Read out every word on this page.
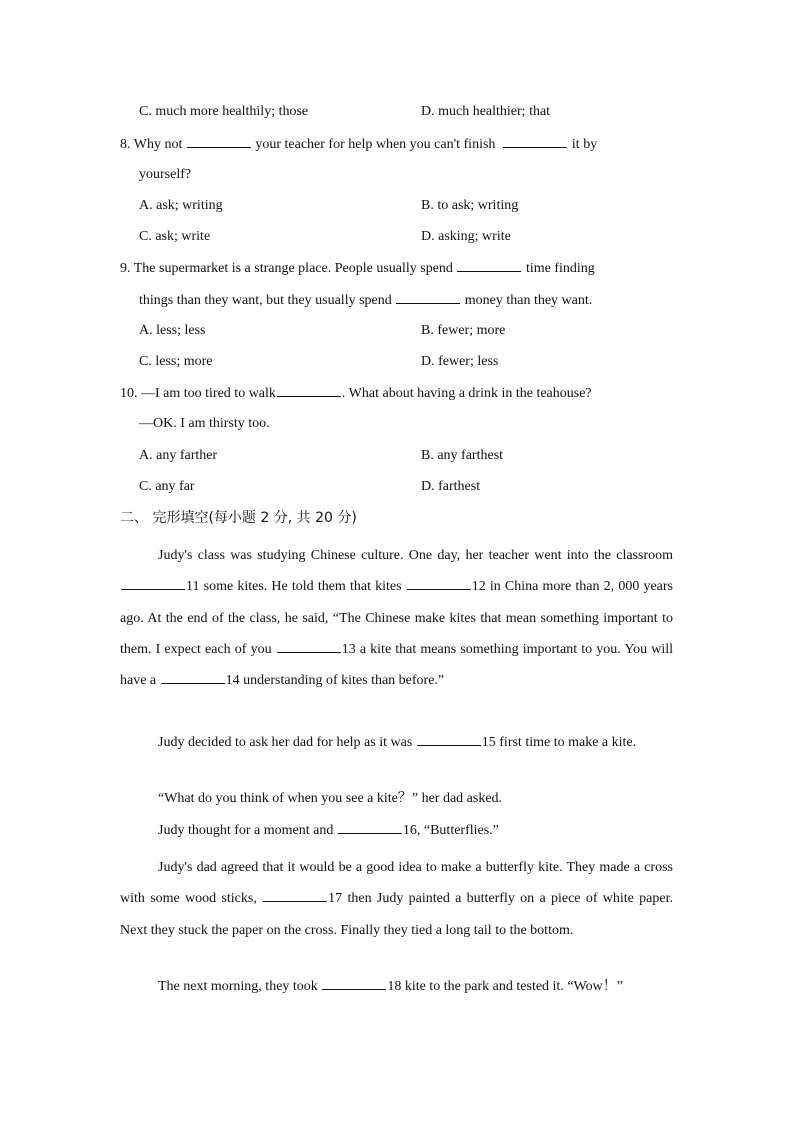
C. much more healthily; those	D. much healthier; that
8. Why not	your teacher for help when you can't finish	it by
yourself?
A. ask; writing	B. to ask; writing
C. ask; write	D. asking; write
9. The supermarket is a strange place. People usually spend	time finding
things than they want, but they usually spend	money than they want.
A. less; less	B. fewer; more
C. less; more	D. fewer; less
10. —I am too tired to walk	. What about having a drink in the teahouse?
—OK. I am thirsty too.
A. any farther	B. any farthest
C. any far	D. farthest
二、 完形填空(每小题 2 分, 共 20 分)
Judy's class was studying Chinese culture. One day, her teacher went into the classroom 11 some kites. He told them that kites	12 in China more than 2, 000 years ago. At the end of the class, he said, “The Chinese make kites that mean something important to them. I expect each of you	13 a kite that means something important to you. You will have a	14 understanding of kites than before.”
Judy decided to ask her dad for help as it was	15 first time to make a kite.
“What do you think of when you see a kite？” her dad asked.
Judy thought for a moment and	16, “Butterflies.”
Judy's dad agreed that it would be a good idea to make a butterfly kite. They made a cross with some wood sticks,	17 then Judy painted a butterfly on a piece of white paper. Next they stuck the paper on the cross. Finally they tied a long tail to the bottom.
The next morning, they took	18 kite to the park and tested it. “Wow！”
